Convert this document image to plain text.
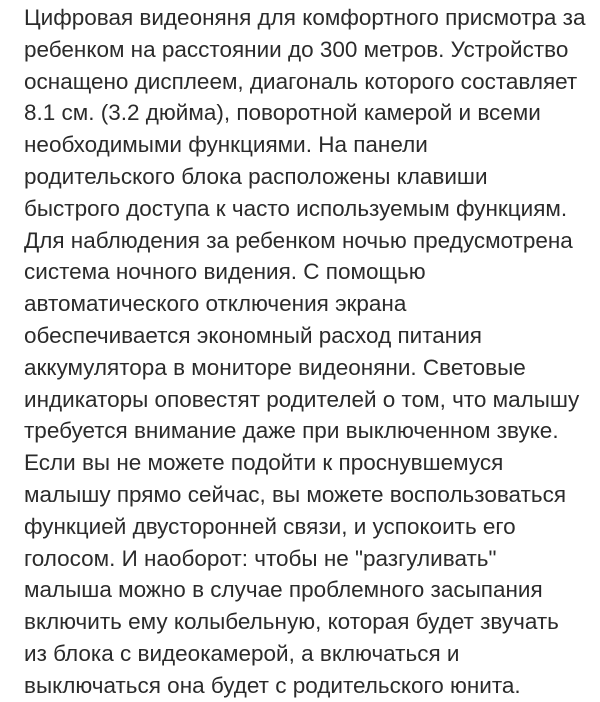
Цифровая видеоняня для комфортного присмотра за
ребенком на расстоянии до 300 метров. Устройство
оснащено дисплеем, диагональ которого составляет
8.1 см. (3.2 дюйма), поворотной камерой и всеми
необходимыми функциями. На панели
родительского блока расположены клавиши
быстрого доступа к часто используемым функциям.
Для наблюдения за ребенком ночью предусмотрена
система ночного видения. С помощью
автоматического отключения экрана
обеспечивается экономный расход питания
аккумулятора в мониторе видеоняни. Световые
индикаторы оповестят родителей о том, что малышу
требуется внимание даже при выключенном звуке.
Если вы не можете подойти к проснувшемуся
малышу прямо сейчас, вы можете воспользоваться
функцией двусторонней связи, и успокоить его
голосом. И наоборот: чтобы не "разгуливать"
малыша можно в случае проблемного засыпания
включить ему колыбельную, которая будет звучать
из блока с видеокамерой, а включаться и
выключаться она будет с родительского юнита.
